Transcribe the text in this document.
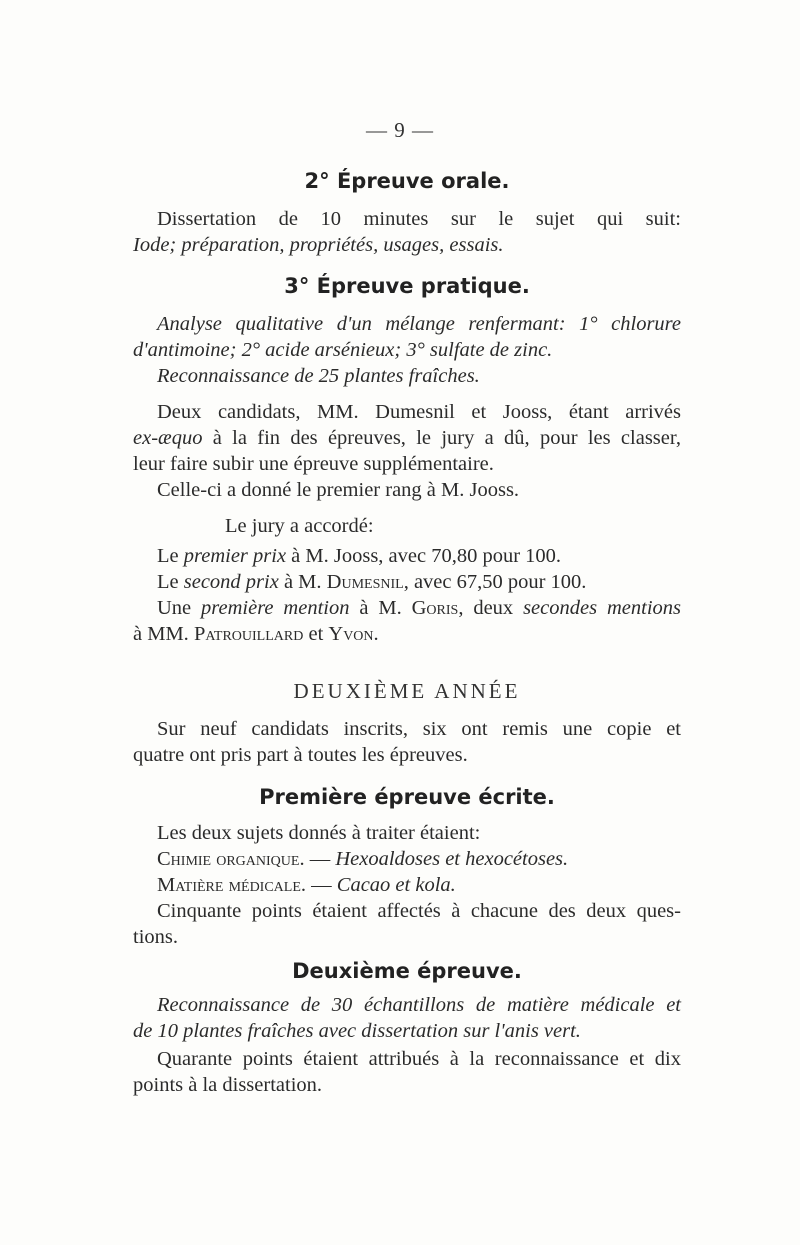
— 9 —
2° Épreuve orale.
Dissertation de 10 minutes sur le sujet qui suit:
Iode; préparation, propriétés, usages, essais.
3° Épreuve pratique.
Analyse qualitative d'un mélange renfermant: 1° chlorure
d'antimoine; 2° acide arsénieux; 3° sulfate de zinc.
Reconnaissance de 25 plantes fraîches.
Deux candidats, MM. Dumesnil et Jooss, étant arrivés
ex-æquo à la fin des épreuves, le jury a dû, pour les classer,
leur faire subir une épreuve supplémentaire.
Celle-ci a donné le premier rang à M. Jooss.
Le jury a accordé:
Le premier prix à M. Jooss, avec 70,80 pour 100.
Le second prix à M. Dumesnil, avec 67,50 pour 100.
Une première mention à M. Goris, deux secondes mentions
à MM. Patrouillard et Yvon.
DEUXIÈME ANNÉE
Sur neuf candidats inscrits, six ont remis une copie et
quatre ont pris part à toutes les épreuves.
Première épreuve écrite.
Les deux sujets donnés à traiter étaient:
Chimie organique. — Hexoaldoses et hexocétoses.
Matière médicale. — Cacao et kola.
Cinquante points étaient affectés à chacune des deux ques-
tions.
Deuxième épreuve.
Reconnaissance de 30 échantillons de matière médicale et
de 10 plantes fraîches avec dissertation sur l'anis vert.
Quarante points étaient attribués à la reconnaissance et dix
points à la dissertation.
